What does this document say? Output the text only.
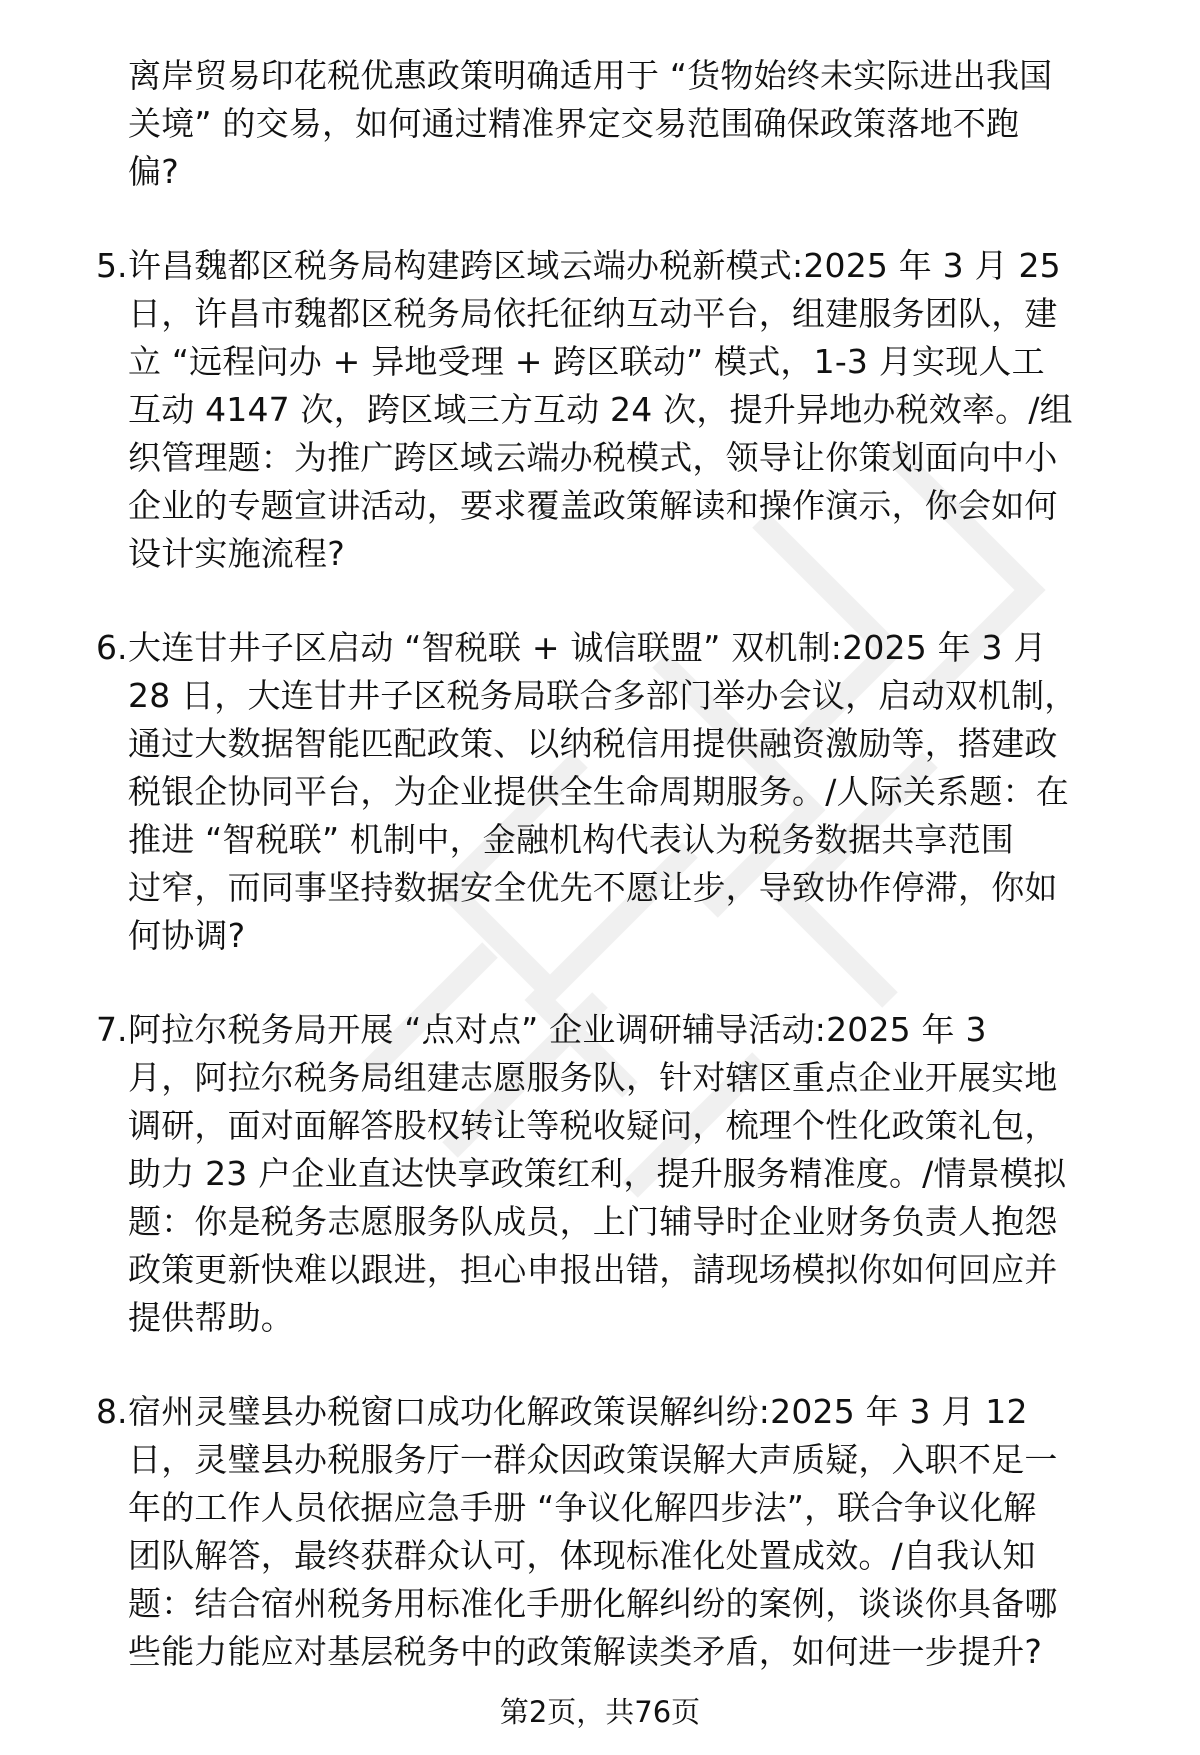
离岸贸易印花税优惠政策明确适用于 “货物始终未实际进出我国
关境” 的交易，如何通过精准界定交易范围确保政策落地不跑
偏?
5. 许昌魏都区税务局构建跨区域云端办税新模式:2025 年 3 月 25
日，许昌市魏都区税务局依托征纳互动平台，组建服务团队，建
立 “远程问办 + 异地受理 + 跨区联动” 模式，1-3 月实现人工
互动 4147 次，跨区域三方互动 24 次，提升异地办税效率。/组
织管理题：为推广跨区域云端办税模式，领导让你策划面向中小
企业的专题宣讲活动，要求覆盖政策解读和操作演示，你会如何
设计实施流程?
6. 大连甘井子区启动 “智税联 + 诚信联盟” 双机制:2025 年 3 月
28 日，大连甘井子区税务局联合多部门举办会议，启动双机制，
通过大数据智能匹配政策、以纳税信用提供融资激励等，搭建政
税银企协同平台，为企业提供全生命周期服务。/人际关系题：在
推进 “智税联” 机制中，金融机构代表认为税务数据共享范围
过窄，而同事坚持数据安全优先不愿让步，导致协作停滞，你如
何协调?
7. 阿拉尔税务局开展 “点对点” 企业调研辅导活动:2025 年 3
月，阿拉尔税务局组建志愿服务队，针对辖区重点企业开展实地
调研，面对面解答股权转让等税收疑问，梳理个性化政策礼包，
助力 23 户企业直达快享政策红利，提升服务精准度。/情景模拟
题：你是税务志愿服务队成员，上门辅导时企业财务负责人抱怨
政策更新快难以跟进，担心申报出错，請现场模拟你如何回应并
提供帮助。
8. 宿州灵璧县办税窗口成功化解政策误解纠纷:2025 年 3 月 12
日，灵璧县办税服务厅一群众因政策误解大声质疑，入职不足一
年的工作人员依据应急手册 “争议化解四步法”，联合争议化解
团队解答，最终获群众认可，体现标准化处置成效。/自我认知
题：结合宿州税务用标准化手册化解纠纷的案例，谈谈你具备哪
些能力能应对基层税务中的政策解读类矛盾，如何进一步提升?
第2页，共76页
